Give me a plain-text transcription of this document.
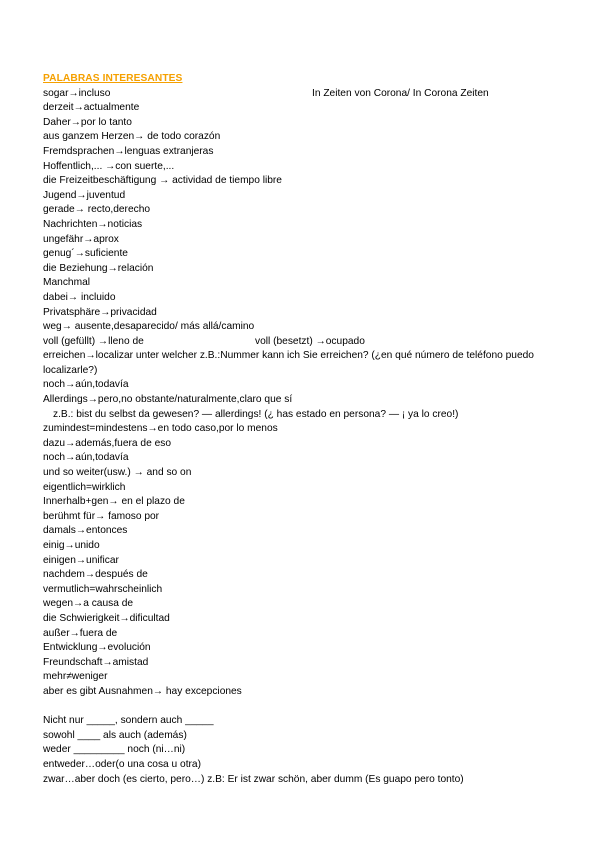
PALABRAS INTERESANTES
sogar→incluso	In Zeiten von Corona/ In Corona Zeiten
derzeit→actualmente
Daher→por lo tanto
aus ganzem Herzen→ de todo corazón
Fremdsprachen→lenguas extranjeras
Hoffentlich,... →con suerte,...
die Freizeitbeschäftigung → actividad de tiempo libre
Jugend→juventud
gerade→ recto,derecho
Nachrichten→noticias
ungefähr→aprox
genug´→suficiente
die Beziehung→relación
Manchmal
dabei→ incluido
Privatsphäre→privacidad
weg→ ausente,desaparecido/ más allá/camino
voll (gefüllt) →lleno de	voll (besetzt) →ocupado
erreichen→localizar unter welcher z.B.:Nummer kann ich Sie erreichen? (¿en qué número de teléfono puedo localizarle?)
noch→aún,todavía
Allerdings→pero,no obstante/naturalmente,claro que sí
z.B.: bist du selbst da gewesen? — allerdings! (¿ has estado en persona? — ¡ ya lo creo!)
zumindest=mindestens→en todo caso,por lo menos
dazu→además,fuera de eso
noch→aún,todavía
und so weiter(usw.) → and so on
eigentlich=wirklich
Innerhalb+gen→ en el plazo de
berühmt für→ famoso por
damals→entonces
einig→unido
einigen→unificar
nachdem→después de
vermutlich=wahrscheinlich
wegen→a causa de
die Schwierigkeit→dificultad
außer→fuera de
Entwicklung→evolución
Freundschaft→amistad
mehr≠weniger
aber es gibt Ausnahmen→ hay excepciones
Nicht nur _____, sondern auch _____
sowohl ____ als auch (además)
weder _________ noch (ni…ni)
entweder…oder(o una cosa u otra)
zwar…aber doch (es cierto, pero…) z.B: Er ist zwar schön, aber dumm (Es guapo pero tonto)
